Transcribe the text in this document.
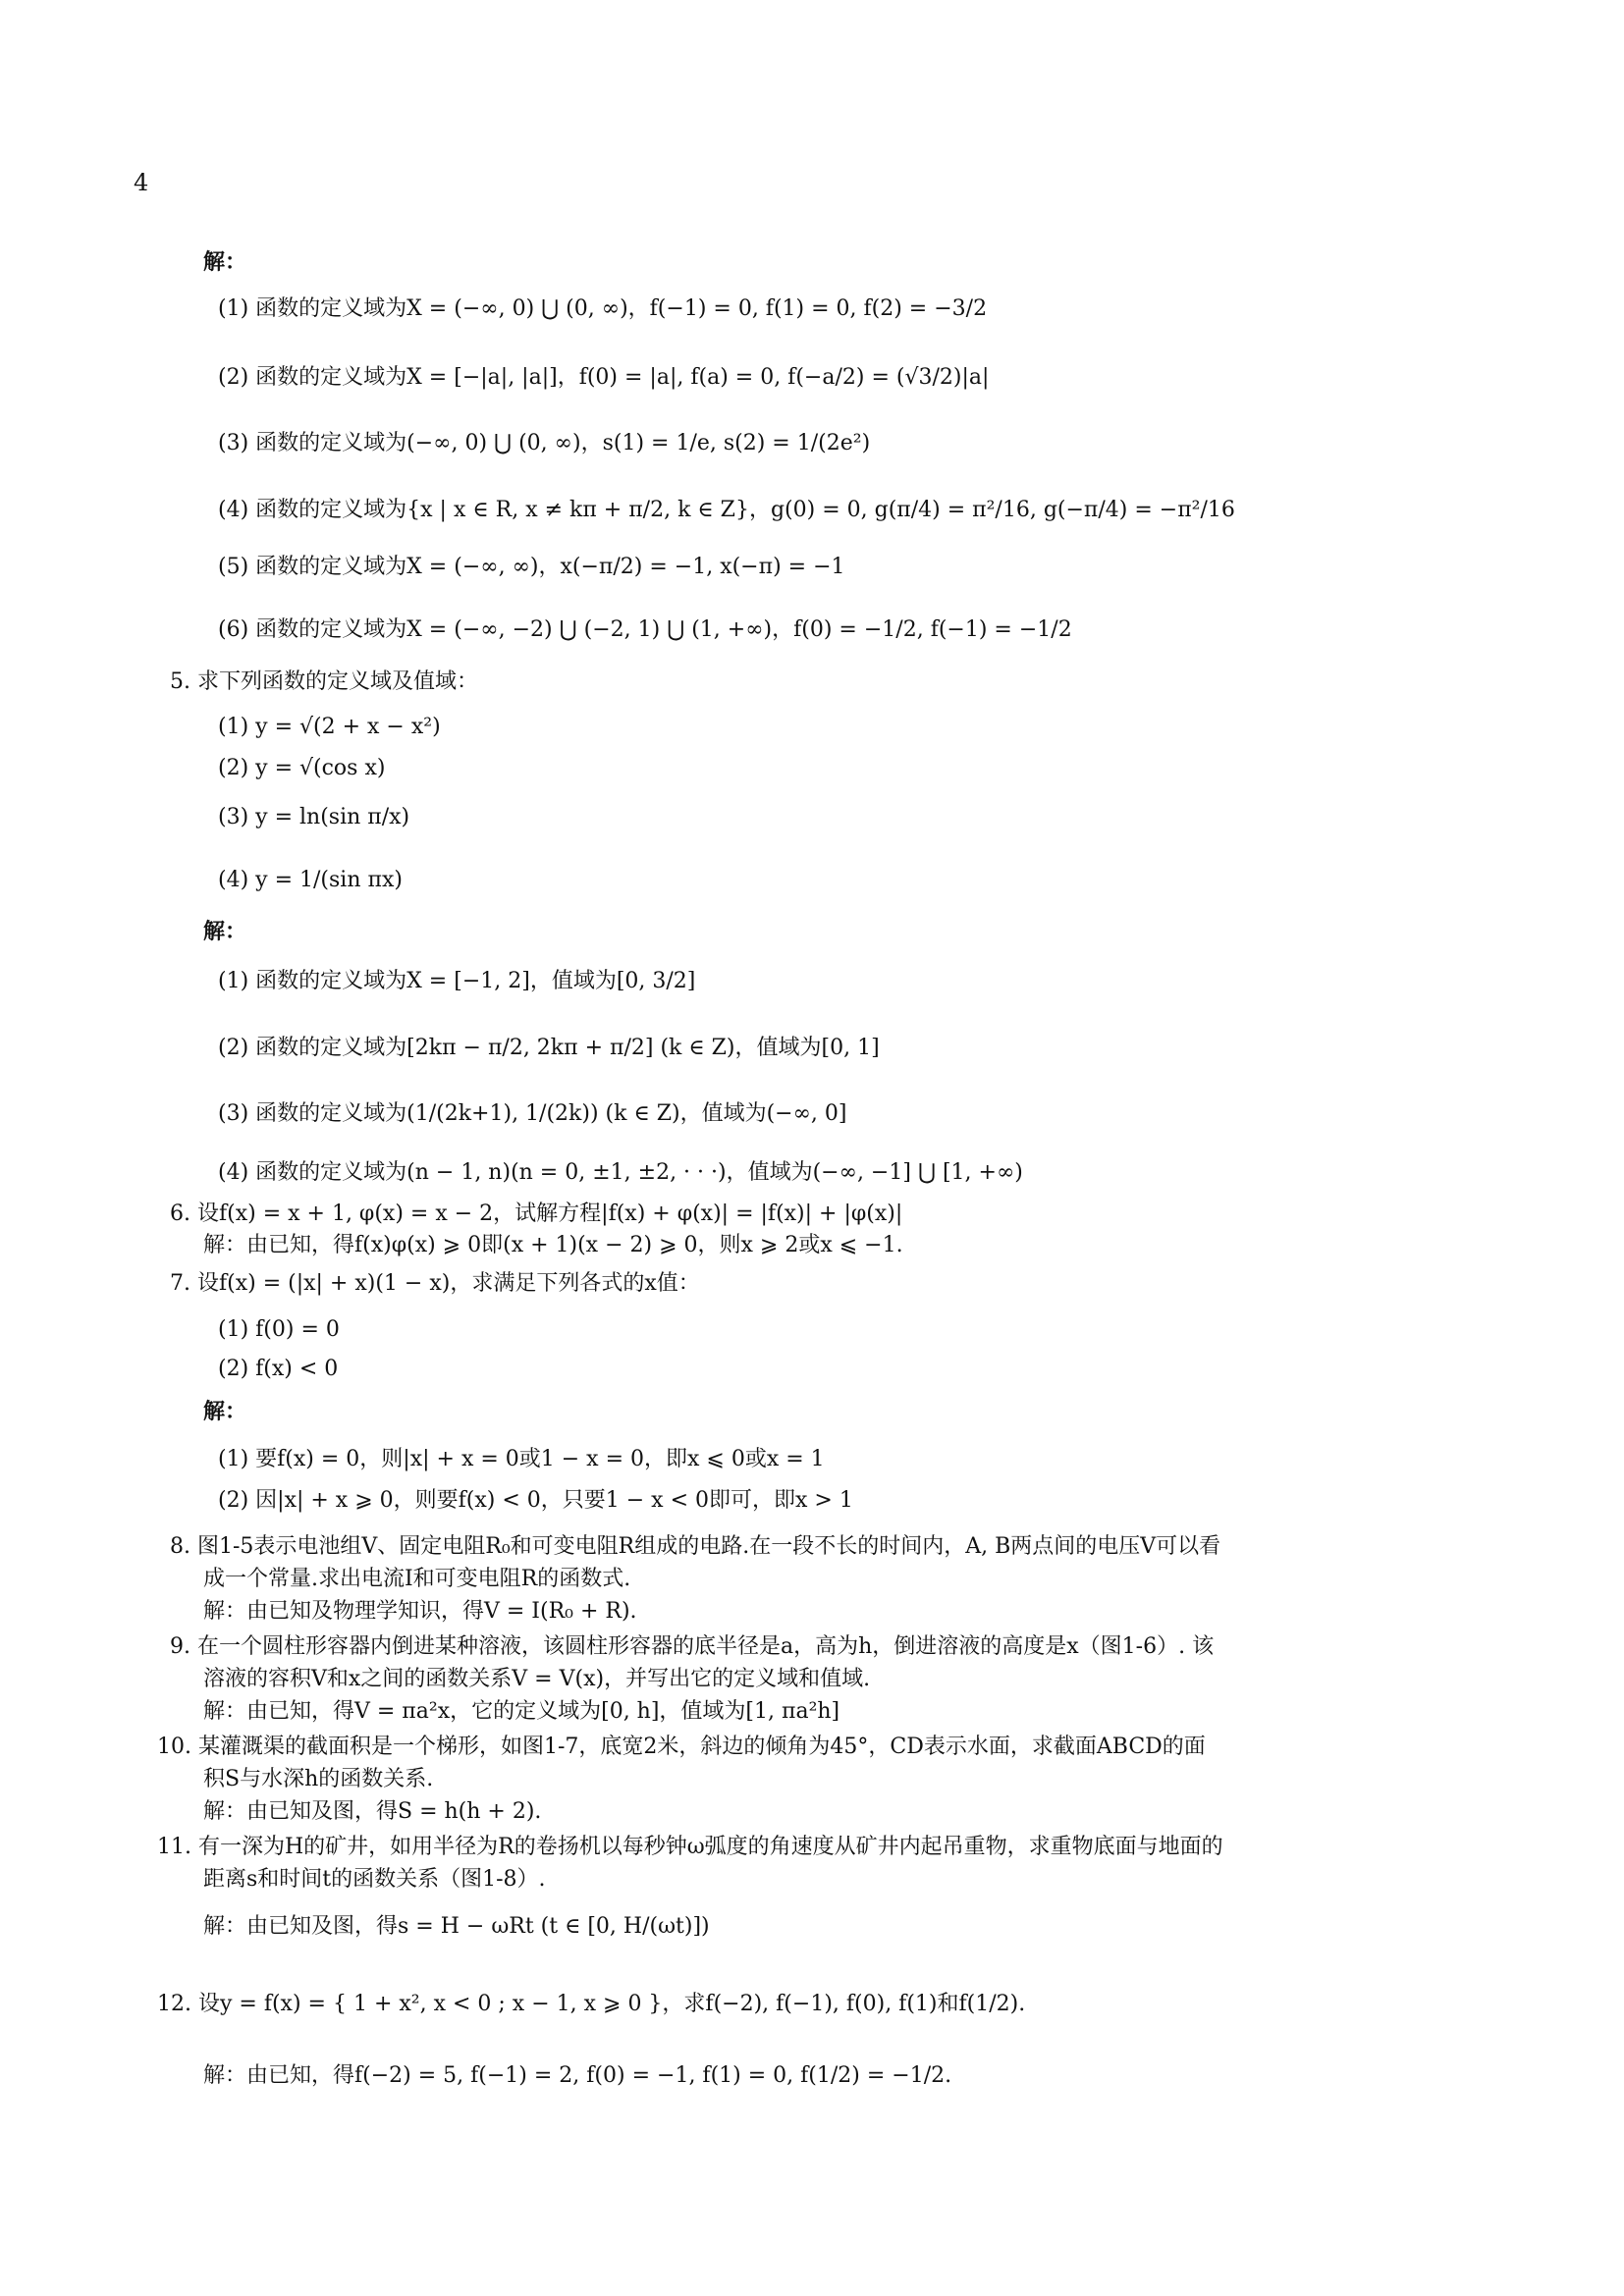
4
解：
(1) 函数的定义域为X = (−∞, 0) ⋃ (0, ∞)，f(−1) = 0, f(1) = 0, f(2) = −3/2
(2) 函数的定义域为X = [−|a|, |a|]，f(0) = |a|, f(a) = 0, f(−a/2) = (√3/2)|a|
(3) 函数的定义域为(−∞, 0) ⋃ (0, ∞)，s(1) = 1/e, s(2) = 1/(2e²)
(4) 函数的定义域为{x | x ∈ R, x ≠ kπ + π/2, k ∈ Z}，g(0) = 0, g(π/4) = π²/16, g(−π/4) = −π²/16
(5) 函数的定义域为X = (−∞, ∞)，x(−π/2) = −1, x(−π) = −1
(6) 函数的定义域为X = (−∞, −2) ⋃ (−2, 1) ⋃ (1, +∞)，f(0) = −1/2, f(−1) = −1/2
5. 求下列函数的定义域及值域：
(1) y = √(2 + x − x²)
(2) y = √(cos x)
(3) y = ln(sin π/x)
(4) y = 1/(sin πx)
解：
(1) 函数的定义域为X = [−1, 2]，值域为[0, 3/2]
(2) 函数的定义域为[2kπ − π/2, 2kπ + π/2] (k ∈ Z)，值域为[0, 1]
(3) 函数的定义域为(1/(2k+1), 1/(2k)) (k ∈ Z)，值域为(−∞, 0]
(4) 函数的定义域为(n − 1, n)(n = 0, ±1, ±2, · · ·)，值域为(−∞, −1] ⋃ [1, +∞)
6. 设f(x) = x + 1, φ(x) = x − 2，试解方程|f(x) + φ(x)| = |f(x)| + |φ(x)|
解：由已知，得f(x)φ(x) ⩾ 0即(x + 1)(x − 2) ⩾ 0，则x ⩾ 2或x ⩽ −1.
7. 设f(x) = (|x| + x)(1 − x)，求满足下列各式的x值：
(1) f(0) = 0
(2) f(x) < 0
解：
(1) 要f(x) = 0，则|x| + x = 0或1 − x = 0，即x ⩽ 0或x = 1
(2) 因|x| + x ⩾ 0，则要f(x) < 0，只要1 − x < 0即可，即x > 1
8. 图1-5表示电池组V、固定电阻R₀和可变电阻R组成的电路.在一段不长的时间内，A, B两点间的电压V可以看
成一个常量.求出电流I和可变电阻R的函数式.
解：由已知及物理学知识，得V = I(R₀ + R).
9. 在一个圆柱形容器内倒进某种溶液，该圆柱形容器的底半径是a，高为h，倒进溶液的高度是x（图1-6）. 该
溶液的容积V和x之间的函数关系V = V(x)，并写出它的定义域和值域.
解：由已知，得V = πa²x，它的定义域为[0, h]，值域为[1, πa²h]
10. 某灌溉渠的截面积是一个梯形，如图1-7，底宽2米，斜边的倾角为45°，CD表示水面，求截面ABCD的面
积S与水深h的函数关系.
解：由已知及图，得S = h(h + 2).
11. 有一深为H的矿井，如用半径为R的卷扬机以每秒钟ω弧度的角速度从矿井内起吊重物，求重物底面与地面的
距离s和时间t的函数关系（图1-8）.
解：由已知及图，得s = H − ωRt (t ∈ [0, H/(ωt)])
12. 设y = f(x) = { 1 + x², x < 0 ; x − 1, x ⩾ 0 }，求f(−2), f(−1), f(0), f(1)和f(1/2).
解：由已知，得f(−2) = 5, f(−1) = 2, f(0) = −1, f(1) = 0, f(1/2) = −1/2.
